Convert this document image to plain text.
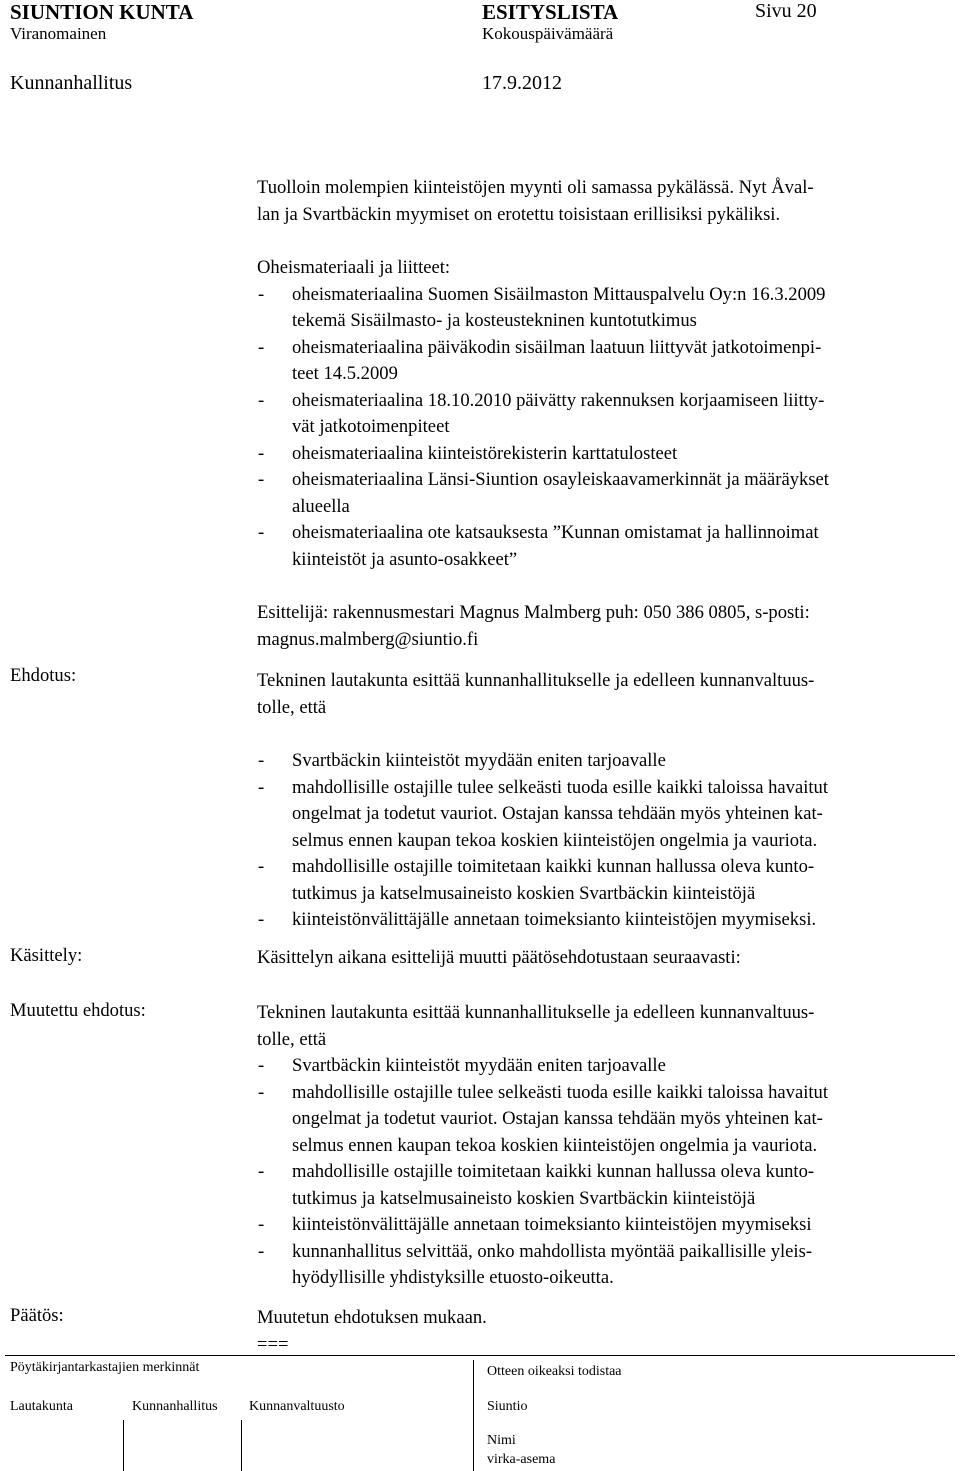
SIUNTION KUNTA
Viranomainen
ESITYSLISTA
Kokouspäivämäärä
Sivu 20
Kunnanhallitus	17.9.2012

Tuolloin molempien kiinteistöjen myynti oli samassa pykälässä. Nyt Åval-

lan ja Svartbäckin myymiset on erotettu toisistaan erillisiksi pykäliksi.

Oheismateriaali ja liitteet:

- oheismateriaalina Suomen Sisäilmaston Mittauspalvelu Oy:n 16.3.2009
tekemä Sisäilmasto- ja kosteustekninen kuntotutkimus
- oheismateriaalina päiväkodin sisäilman laatuun liittyvät jatkotoimenpi-
teet 14.5.2009
- oheismateriaalina 18.10.2010 päivätty rakennuksen korjaamiseen liitty-
vät jatkotoimenpiteet
- oheismateriaalina kiinteistörekisterin karttatulosteet
- oheismateriaalina Länsi-Siuntion osayleiskaavamerkinnät ja määräykset
alueella
- oheismateriaalina ote katsauksesta ”Kunnan omistamat ja hallinnoimat
kiinteistöt ja asunto-osakkeet”

Esittelijä: rakennusmestari Magnus Malmberg puh: 050 386 0805, s-posti:

magnus.malmberg@siuntio.fi

Ehdotus:	Tekninen lautakunta esittää kunnanhallitukselle ja edelleen kunnanvaltuus-

tolle, että

- Svartbäckin kiinteistöt myydään eniten tarjoavalle
- mahdollisille ostajille tulee selkeästi tuoda esille kaikki taloissa havaitut
ongelmat ja todetut vauriot. Ostajan kanssa tehdään myös yhteinen kat-
selmus ennen kaupan tekoa koskien kiinteistöjen ongelmia ja vauriota.
- mahdollisille ostajille toimitetaan kaikki kunnan hallussa oleva kunto-
tutkimus ja katselmusaineisto koskien Svartbäckin kiinteistöjä
- kiinteistönvälittäjälle annetaan toimeksianto kiinteistöjen myymiseksi.
Käsittely:	Käsittelyn aikana esittelijä muutti päätösehdotustaan seuraavasti:
Muutettu ehdotus:	Tekninen lautakunta esittää kunnanhallitukselle ja edelleen kunnanvaltuus-

tolle, että

- Svartbäckin kiinteistöt myydään eniten tarjoavalle
- mahdollisille ostajille tulee selkeästi tuoda esille kaikki taloissa havaitut
ongelmat ja todetut vauriot. Ostajan kanssa tehdään myös yhteinen kat-
selmus ennen kaupan tekoa koskien kiinteistöjen ongelmia ja vauriota.
- mahdollisille ostajille toimitetaan kaikki kunnan hallussa oleva kunto-
tutkimus ja katselmusaineisto koskien Svartbäckin kiinteistöjä
- kiinteistönvälittäjälle annetaan toimeksianto kiinteistöjen myymiseksi
- kunnanhallitus selvittää, onko mahdollista myöntää paikallisille yleis-
hyödyllisille yhdistyksille etuosto-oikeutta.
Päätös:	Muutetun ehdotuksen mukaan.

===

Pöytäkirjantarkastajien merkinnät
Lautakunta	Kunnanhallitus Kunnanvaltuusto
Otteen oikeaksi todistaa
Siuntio
Nimi
virka-asema
